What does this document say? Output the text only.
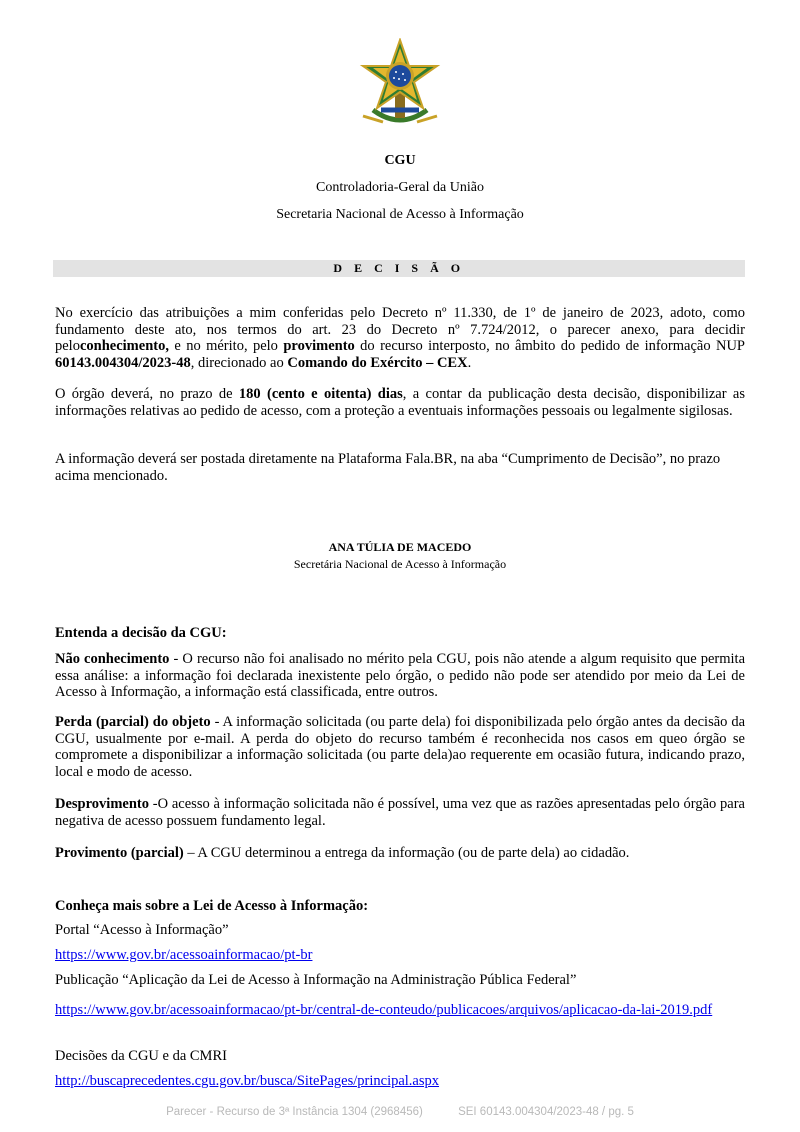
CGU
Controladoria-Geral da União
Secretaria Nacional de Acesso à Informação
D E C I S Ã O
No exercício das atribuições a mim conferidas pelo Decreto nº 11.330, de 1º de janeiro de 2023, adoto, como fundamento deste ato, nos termos do art. 23 do Decreto nº 7.724/2012, o parecer anexo, para decidir peloconhecimento, e no mérito, pelo provimento do recurso interposto, no âmbito do pedido de informação NUP 60143.004304/2023-48, direcionado ao Comando do Exército – CEX.
O órgão deverá, no prazo de 180 (cento e oitenta) dias, a contar da publicação desta decisão, disponibilizar as informações relativas ao pedido de acesso, com a proteção a eventuais informações pessoais ou legalmente sigilosas.
A informação deverá ser postada diretamente na Plataforma Fala.BR, na aba “Cumprimento de Decisão”, no prazo acima mencionado.
ANA TÚLIA DE MACEDO
Secretária Nacional de Acesso à Informação
Entenda a decisão da CGU:
Não conhecimento - O recurso não foi analisado no mérito pela CGU, pois não atende a algum requisito que permita essa análise: a informação foi declarada inexistente pelo órgão, o pedido não pode ser atendido por meio da Lei de Acesso à Informação, a informação está classificada, entre outros.
Perda (parcial) do objeto - A informação solicitada (ou parte dela) foi disponibilizada pelo órgão antes da decisão da CGU, usualmente por e-mail. A perda do objeto do recurso também é reconhecida nos casos em queo órgão se compromete a disponibilizar a informação solicitada (ou parte dela)ao requerente em ocasião futura, indicando prazo, local e modo de acesso.
Desprovimento -O acesso à informação solicitada não é possível, uma vez que as razões apresentadas pelo órgão para negativa de acesso possuem fundamento legal.
Provimento (parcial) – A CGU determinou a entrega da informação (ou de parte dela) ao cidadão.
Conheça mais sobre a Lei de Acesso à Informação:
Portal “Acesso à Informação”
https://www.gov.br/acessoainformacao/pt-br
Publicação “Aplicação da Lei de Acesso à Informação na Administração Pública Federal”
https://www.gov.br/acessoainformacao/pt-br/central-de-conteudo/publicacoes/arquivos/aplicacao-da-lai-2019.pdf
Decisões da CGU e da CMRI
http://buscaprecedentes.cgu.gov.br/busca/SitePages/principal.aspx
Parecer - Recurso de 3ª Instância 1304 (2968456)	SEI 60143.004304/2023-48 / pg. 5
